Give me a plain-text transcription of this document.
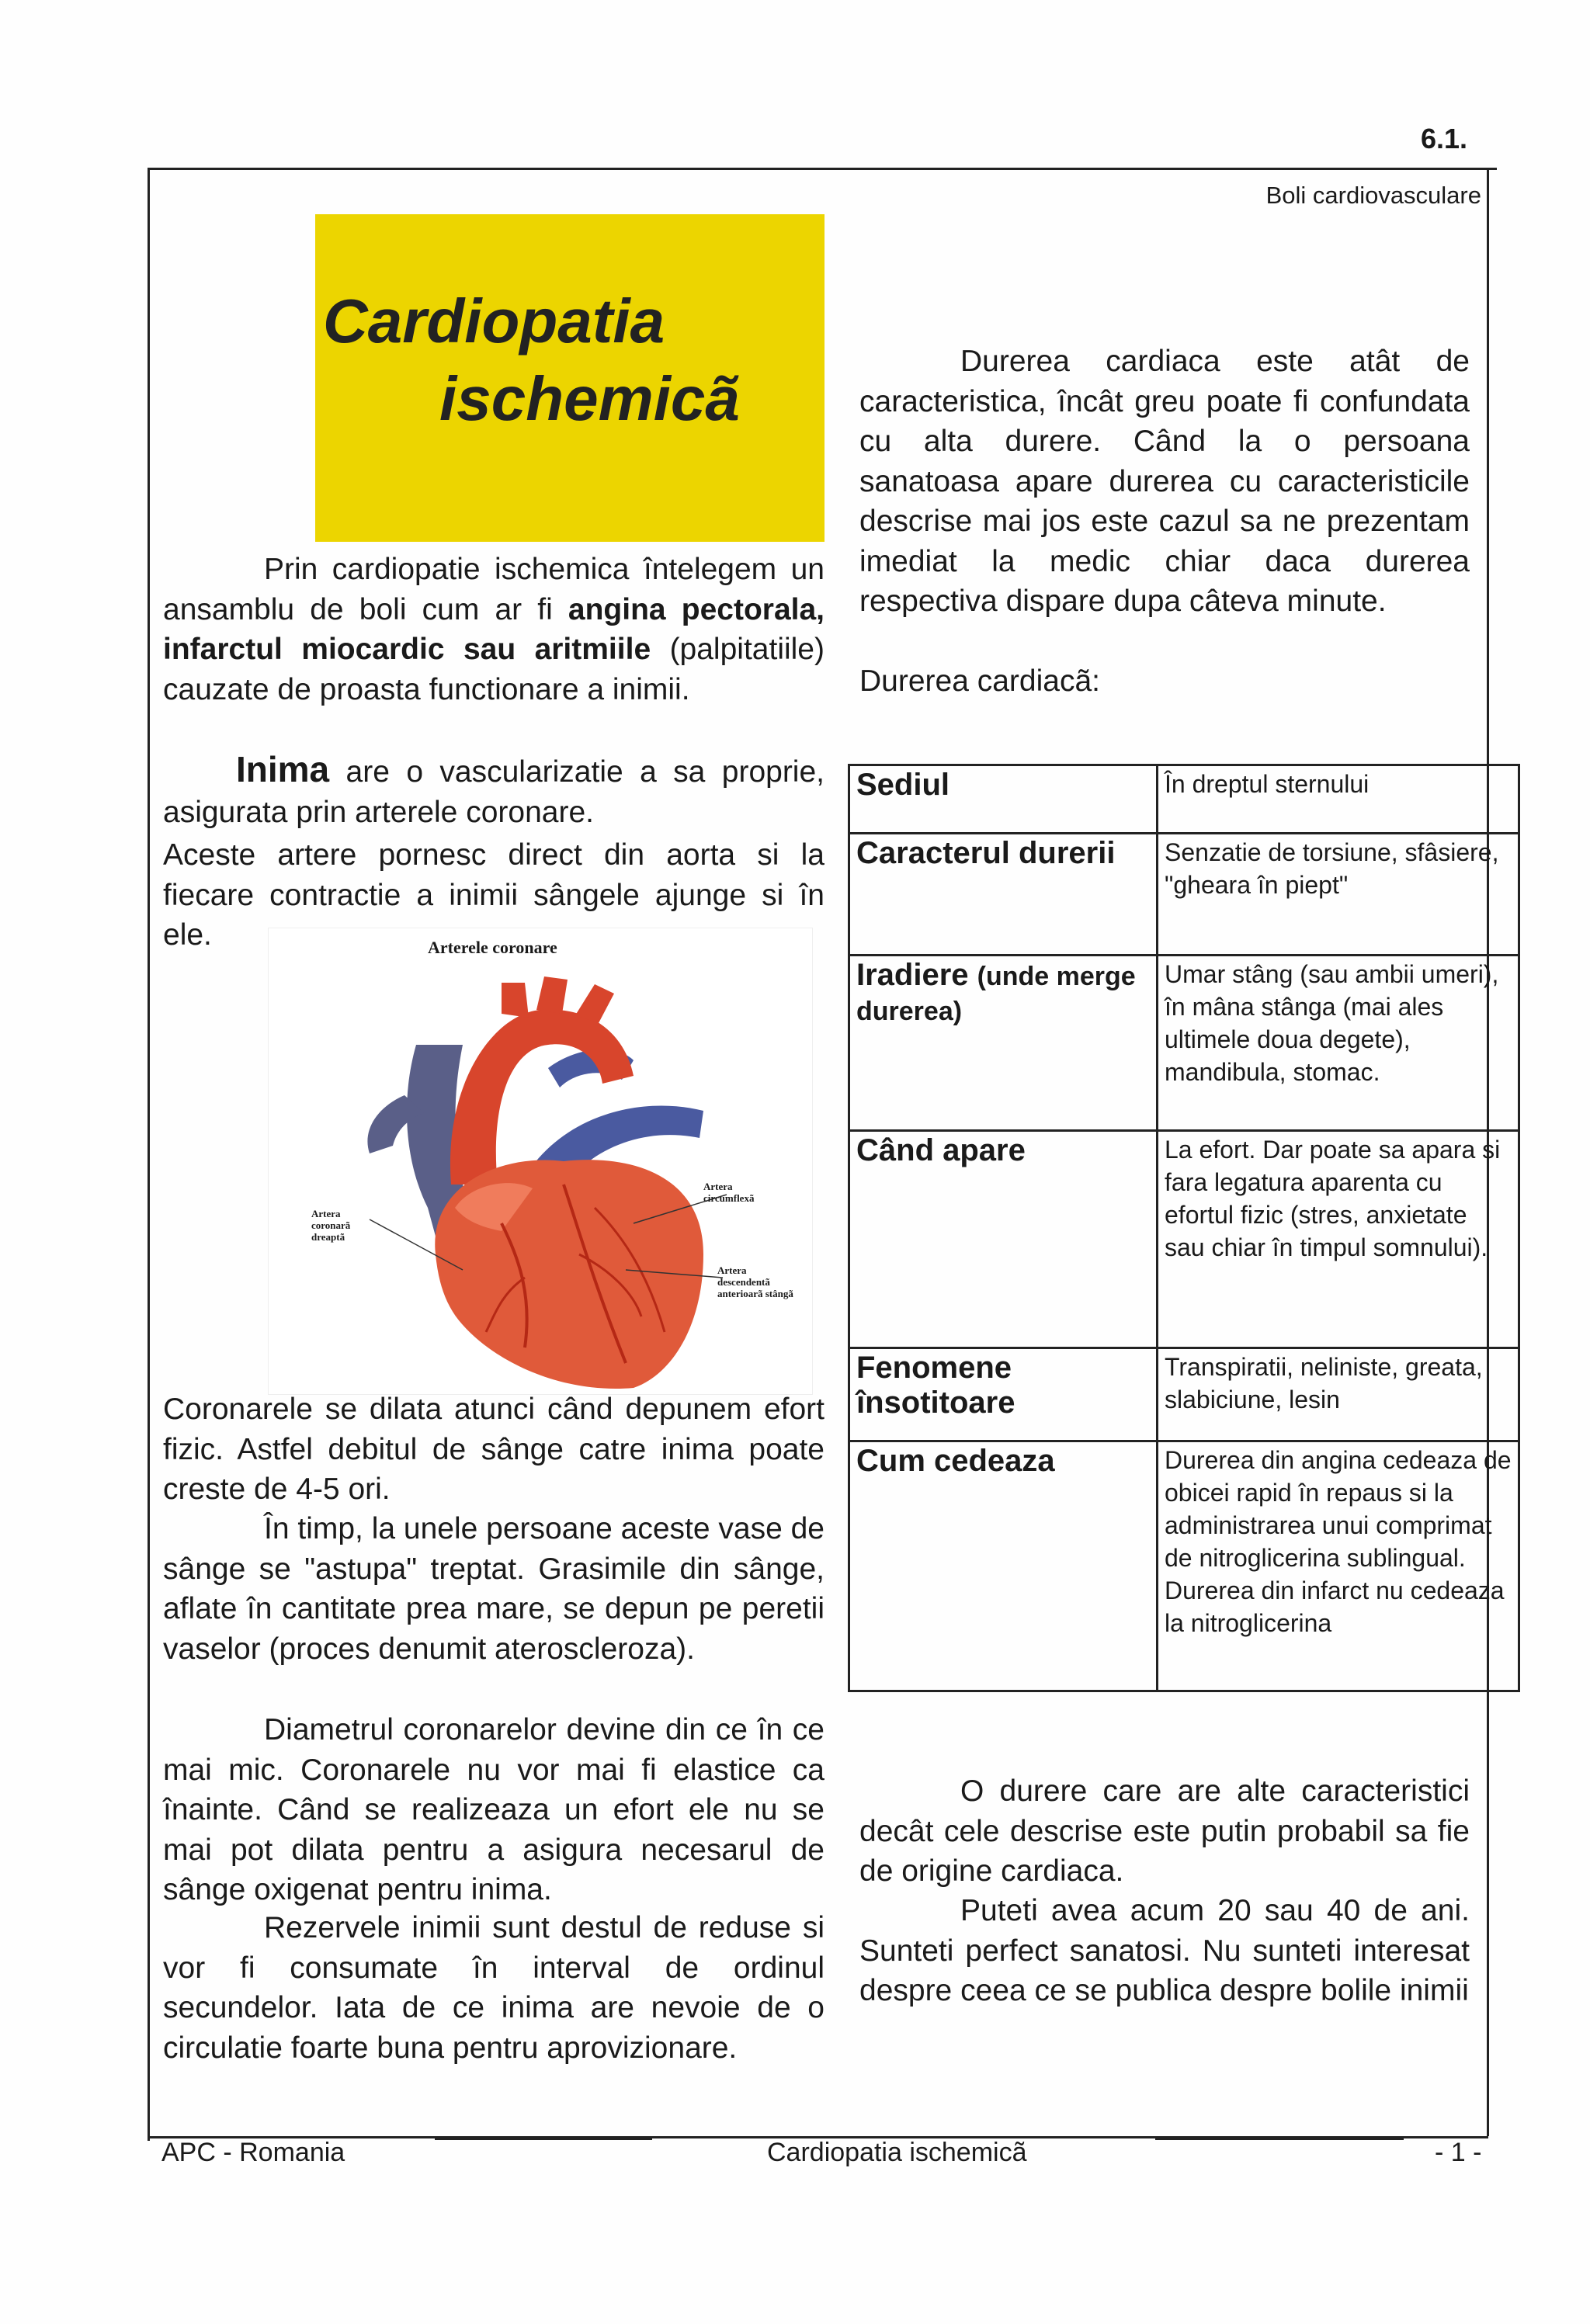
6.1.
Boli cardiovasculare
Cardiopatia
ischemicã

Prin cardiopatie ischemica întelegem un ansamblu de boli cum ar fi angina pectorala, infarctul miocardic sau aritmiile (palpitatiile) cauzate de proasta functionare a inimii.

Inima are o vascularizatie a sa proprie, asigurata prin arterele coronare.

Aceste artere pornesc direct din aorta si la fiecare contractie a inimii sângele ajunge si în ele.	Arterele coronare
Artera coronarã dreaptã
Artera circumflexã
Artera descendentã anterioarã stângã

Coronarele se dilata atunci când depunem efort fizic. Astfel debitul de sânge catre inima poate creste de 4-5 ori.

În timp, la unele persoane aceste vase de sânge se "astupa" treptat. Grasimile din sânge, aflate în cantitate prea mare, se depun pe peretii vaselor (proces denumit ateroscleroza).

Diametrul coronarelor devine din ce în ce mai mic. Coronarele nu vor mai fi elastice ca înainte. Când se realizeaza un efort ele nu se mai pot dilata pentru a asigura necesarul de sânge oxigenat pentru inima.

Rezervele inimii sunt destul de reduse si vor fi consumate în interval de ordinul secundelor. Iata de ce inima are nevoie de o circulatie foarte buna pentru aprovizionare.

Durerea cardiaca este atât de caracteristica, încât greu poate fi confundata cu alta durere. Când la o persoana sanatoasa apare durerea cu caracteristicile descrise mai jos este cazul sa ne prezentam imediat la medic chiar daca durerea respectiva dispare dupa câteva minute.

Durerea cardiacã:

Sediul	În dreptul sternului
Caracterul durerii	Senzatie de torsiune, sfâsiere, "gheara în piept"
Iradiere (unde merge durerea)	Umar stâng (sau ambii umeri), în mâna stânga (mai ales ultimele doua degete), mandibula, stomac.
Când apare	La efort. Dar poate sa apara si fara legatura aparenta cu efortul fizic (stres, anxietate sau chiar în timpul somnului).
Fenomene însotitoare	Transpiratii, neliniste, greata, slabiciune, lesin
Cum cedeaza	Durerea din angina cedeaza de obicei rapid în repaus si la administrarea unui comprimat de nitroglicerina sublingual. Durerea din infarct nu cedeaza la nitroglicerina

O durere care are alte caracteristici decât cele descrise este putin probabil sa fie de origine cardiaca.

Puteti avea acum 20 sau 40 de ani. Sunteti perfect sanatosi. Nu sunteti interesat despre ceea ce se publica despre bolile inimii

APC - Romania	Cardiopatia ischemicã	- 1 -
